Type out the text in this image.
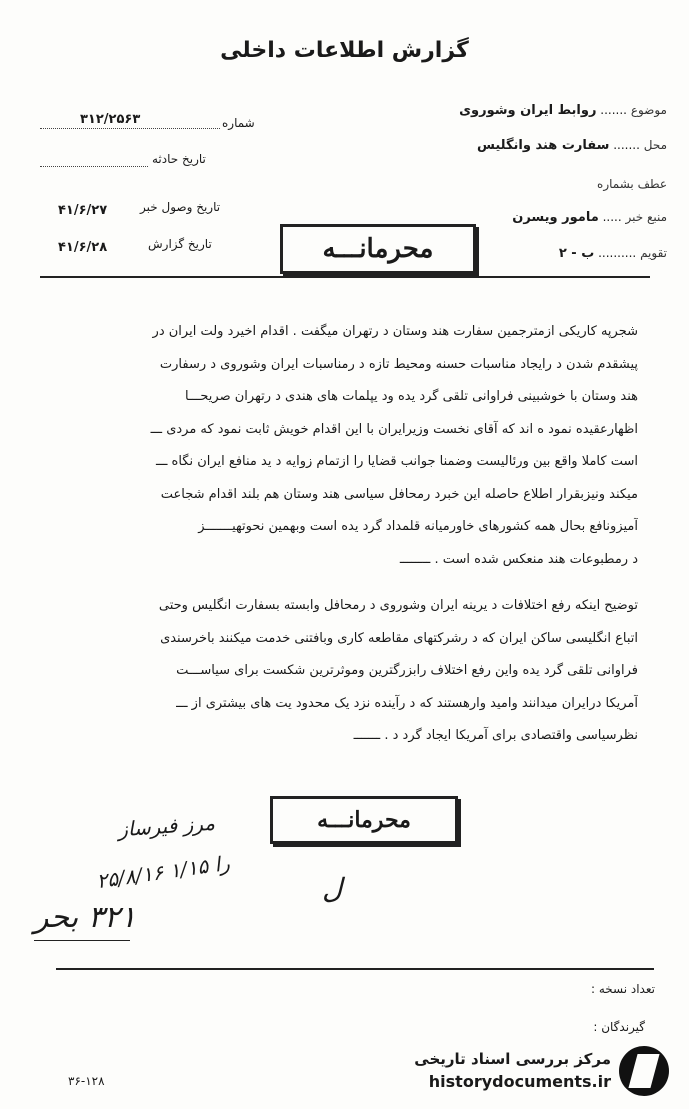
گزارش اطلاعات داخلی
موضوع ....... روابط ایران وشوروی
محل ....... سفارت هند وانگلیس
عطف بشماره
منبع خبر ..... مامور ویسرن
تقویم .......... ب - ۲
شماره
۳۱۲/۲۵۶۳
تاریخ حادثه
تاریخ وصول خبر
۴۱/۶/۲۷
تاریخ گزارش
۴۱/۶/۲۸	محرمانـــه
شجرپه کاریکی ازمترجمین سفارت هند وستان د رتهران میگفت . اقدام اخیرد ولت ایران در
پیشقدم شدن د رایجاد مناسبات حسنه ومحیط تازه د رمناسبات ایران وشوروی د رسفارت
هند وستان با خوشبینی فراوانی تلقی گرد یده ود یپلمات های هندی د رتهران صریحـــا
اظهارعقیده نمود ه اند که آقای نخست وزیرایران با این اقدام خویش ثابت نمود که مردی ـــ
است کاملا واقع بین ورئالیست وضمنا جوانب قضایا را ازتمام زوایه د ید منافع ایران نگاه ـــ
میکند ونیزبقرار اطلاع حاصله این خبرد رمحافل سیاسی هند وستان هم بلند اقدام شجاعت
آمیزونافع بحال همه کشورهای خاورمیانه قلمداد گرد یده است وبهمین نحوتهیـــــــز
د رمطبوعات هند منعکس شده است . ــــــــ
توضیح اینکه رفع اختلافات د یرینه ایران وشوروی د رمحافل وابسته بسفارت انگلیس وحتی
اتباع انگلیسی ساکن ایران که د رشرکتهای مقاطعه کاری وبافتنی خدمت میکنند باخرسندی
فراوانی تلقی گرد یده واین رفع اختلاف رابزرگترین وموثرترین شکست برای سیاســـت
آمریکا درایران میدانند وامید وارهستند که د رآینده نزد یک محدود یت های بیشتری از ـــ
نظرسیاسی واقتصادی برای آمریکا ایجاد گرد د . ـــــــ
محرمانـــه
مرز فیرساز
۲۵/۸/۱۶ را ۱/۱۵
ل
۳۲۱ بحر
تعداد نسخه :
گیرندگان :
۳۶-۱۲۸
مرکز بررسی اسناد تاریخی
historydocuments.ir
